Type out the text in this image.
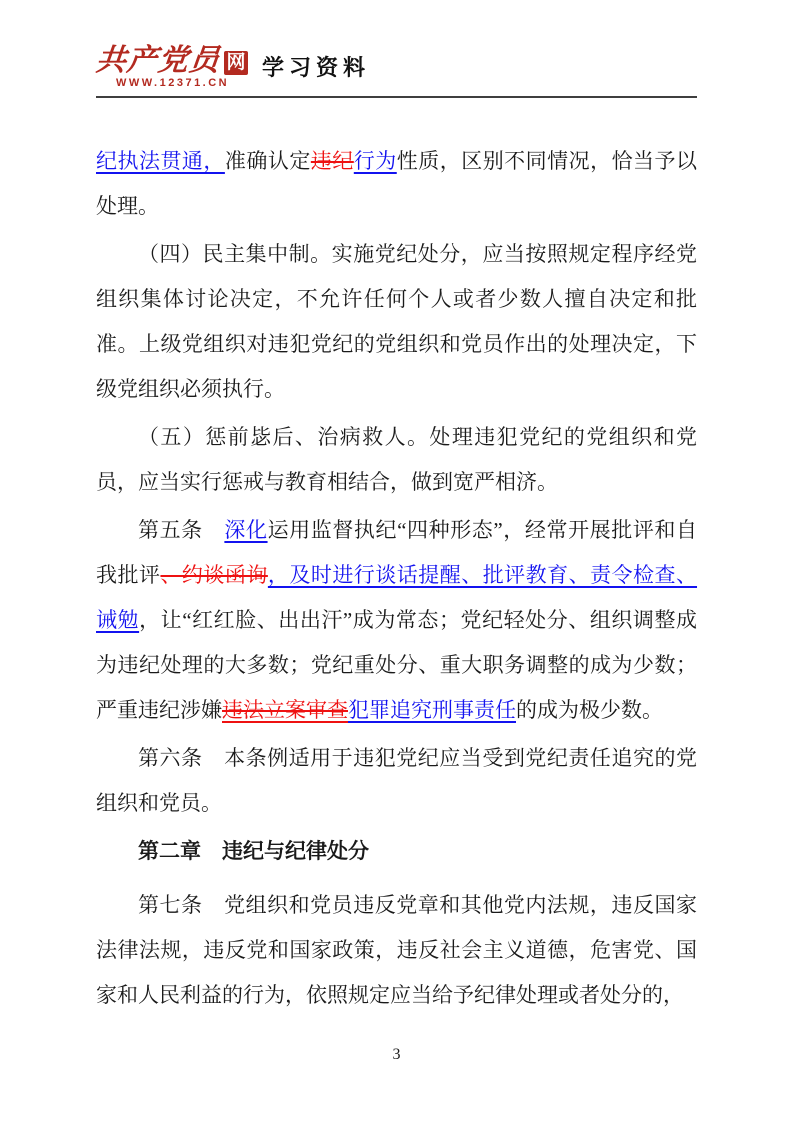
共产党员 网
WWW.12371.CN
学习资料

纪执法贯通，准确认定违纪行为性质，区别不同情况，恰当予以处理。

（四）民主集中制。实施党纪处分，应当按照规定程序经党组织集体讨论决定，不允许任何个人或者少数人擅自决定和批准。上级党组织对违犯党纪的党组织和党员作出的处理决定，下级党组织必须执行。

（五）惩前毖后、治病救人。处理违犯党纪的党组织和党员，应当实行惩戒与教育相结合，做到宽严相济。

第五条　深化运用监督执纪“四种形态”，经常开展批评和自我批评、约谈函询，及时进行谈话提醒、批评教育、责令检查、诫勉，让“红红脸、出出汗”成为常态；党纪轻处分、组织调整成为违纪处理的大多数；党纪重处分、重大职务调整的成为少数；严重违纪涉嫌违法立案审查犯罪追究刑事责任的成为极少数。

第六条　本条例适用于违犯党纪应当受到党纪责任追究的党组织和党员。

第二章　违纪与纪律处分

第七条　党组织和党员违反党章和其他党内法规，违反国家法律法规，违反党和国家政策，违反社会主义道德，危害党、国家和人民利益的行为，依照规定应当给予纪律处理或者处分的，

3
